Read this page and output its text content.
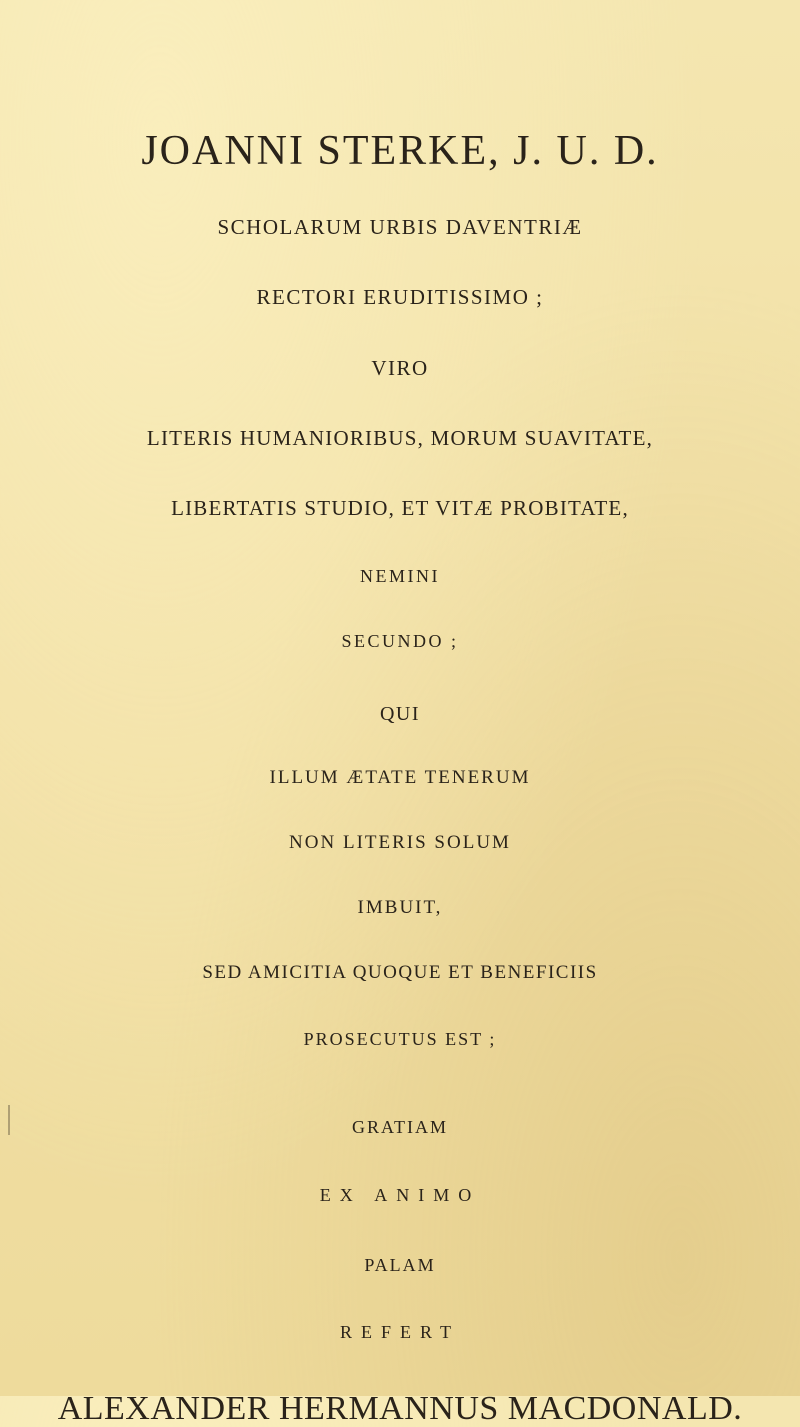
JOANNI STERKE, J. U. D.
SCHOLARUM URBIS DAVENTRIÆ
RECTORI ERUDITISSIMO ;
VIRO
LITERIS HUMANIORIBUS, MORUM SUAVITATE,
LIBERTATIS STUDIO, ET VITÆ PROBITATE,
NEMINI
SECUNDO ;
QUI
ILLUM ÆTATE TENERUM
NON LITERIS SOLUM
IMBUIT,
SED AMICITIA QUOQUE ET BENEFICIIS
PROSECUTUS EST ;
GRATIAM
EX ANIMO
PALAM
REFERT
ALEXANDER HERMANNUS MACDONALD.
